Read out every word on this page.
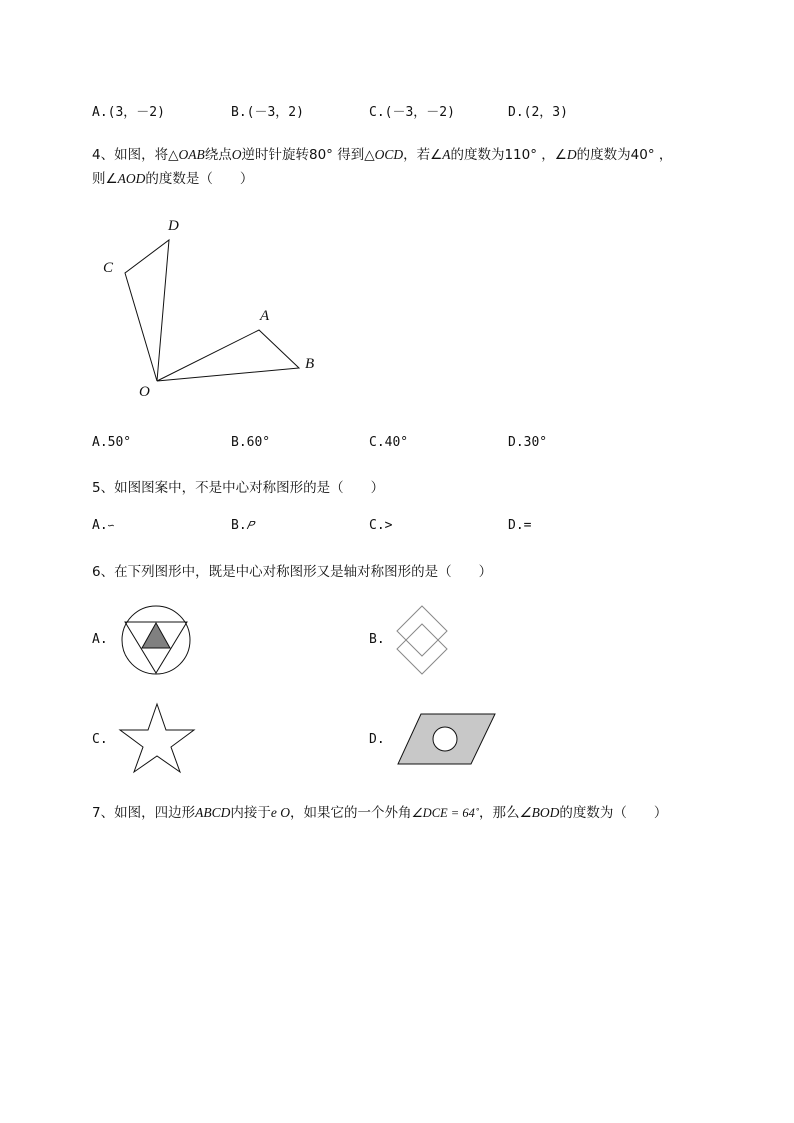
A.(3，－2)	B.(－3，2)	C.(－3，－2)	D.(2，3)
4、如图，将△OAB绕点O逆时针旋转80° 得到△OCD，若∠A的度数为110° ，∠D的度数为40° ，
则∠AOD的度数是（　　）
C
D
A
B
O
A.50°	B.60°	C.40°	D.30°
5、如图图案中，不是中心对称图形的是（　　）
A.∽	B.𝑃	C.>	D.=
6、在下列图形中，既是中心对称图形又是轴对称图形的是（　　）
A.	B.
C.	D.
7、如图，四边形ABCD内接于e O，如果它的一个外角∠DCE = 64˚，那么∠BOD的度数为（　　）
